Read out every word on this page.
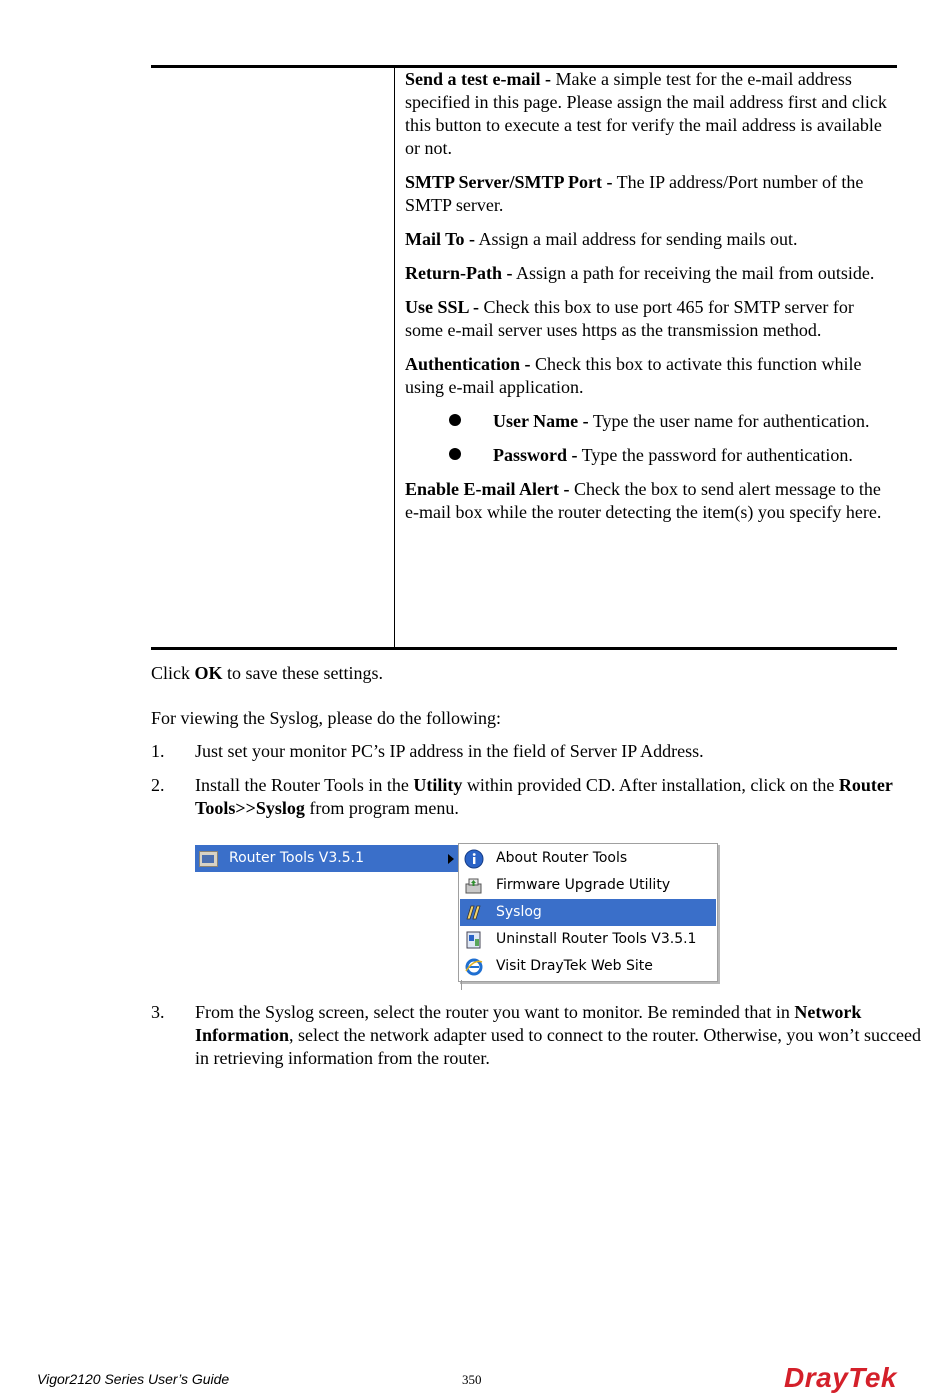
Send a test e-mail - Make a simple test for the e-mail address specified in this page. Please assign the mail address first and click this button to execute a test for verify the mail address is available or not.

SMTP Server/SMTP Port - The IP address/Port number of the SMTP server.

Mail To - Assign a mail address for sending mails out.

Return-Path - Assign a path for receiving the mail from outside.

Use SSL - Check this box to use port 465 for SMTP server for some e-mail server uses https as the transmission method.

Authentication - Check this box to activate this function while using e-mail application.

User Name - Type the user name for authentication.
Password - Type the password for authentication.

Enable E-mail Alert - Check the box to send alert message to the e-mail box while the router detecting the item(s) you specify here.

Click OK to save these settings.
For viewing the Syslog, please do the following:
1. Just set your monitor PC’s IP address in the field of Server IP Address.
2. Install the Router Tools in the Utility within provided CD. After installation, click on the Router Tools>>Syslog from program menu.
Router Tools V3.5.1	About Router Tools
Firmware Upgrade Utility
Syslog
Uninstall Router Tools V3.5.1
Visit DrayTek Web Site
3. From the Syslog screen, select the router you want to monitor. Be reminded that in Network Information, select the network adapter used to connect to the router. Otherwise, you won’t succeed in retrieving information from the router.
Vigor2120 Series User’s Guide	350	DrayTek
